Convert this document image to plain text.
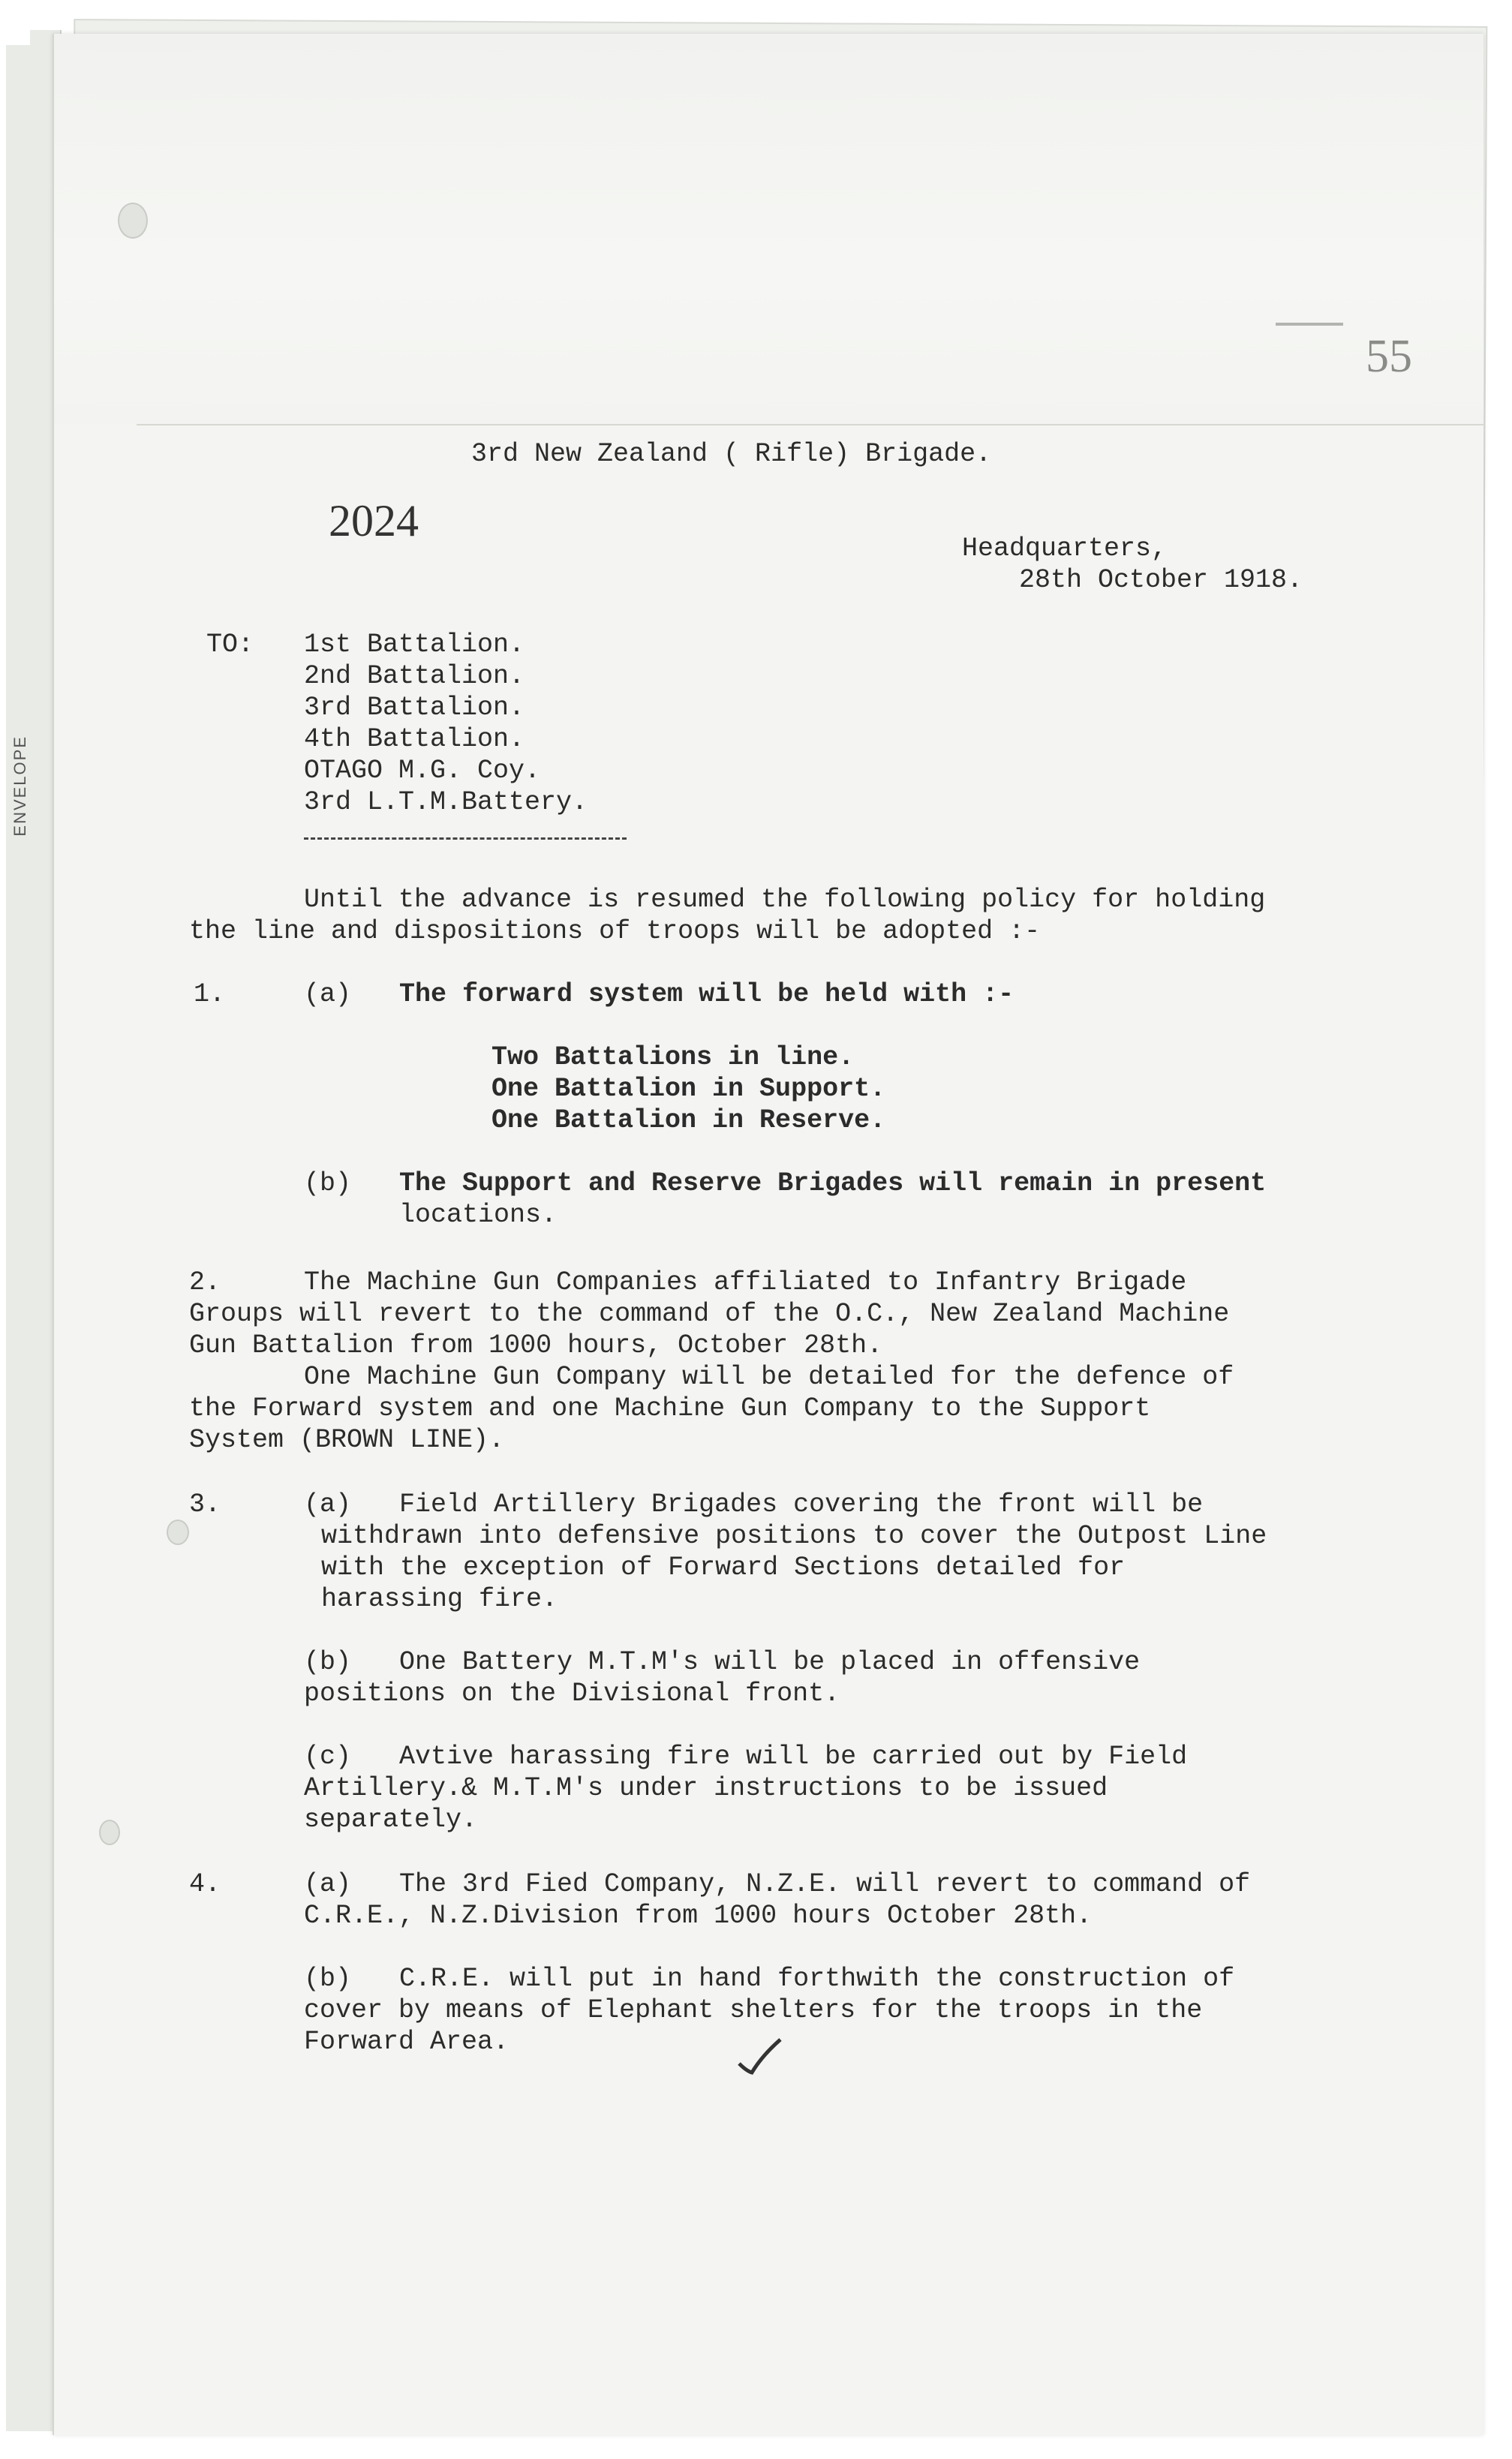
ENVELOPE
55
3rd New Zealand ( Rifle) Brigade.
2024
Headquarters,
28th October 1918.
TO: 1st Battalion.
2nd Battalion.
3rd Battalion.
4th Battalion.
OTAGO M.G. Coy.
3rd L.T.M.Battery.
Until the advance is resumed the following policy for holding
the line and dispositions of troops will be adopted :-
1.	(a) The forward system will be held with :-
Two Battalions in line.
One Battalion in Support.
One Battalion in Reserve.
(b) The Support and Reserve Brigades will remain in present
locations.
2.	The Machine Gun Companies affiliated to Infantry Brigade
Groups will revert to the command of the O.C., New Zealand Machine
Gun Battalion from 1000 hours, October 28th.
One Machine Gun Company will be detailed for the defence of
the Forward system and one Machine Gun Company to the Support
System (BROWN LINE).
3.	(a) Field Artillery Brigades covering the front will be
withdrawn into defensive positions to cover the Outpost Line
with the exception of Forward Sections detailed for
harassing fire.
(b) One Battery M.T.M's will be placed in offensive
positions on the Divisional front.
(c) Avtive harassing fire will be carried out by Field
Artillery.& M.T.M's under instructions to be issued
separately.
4.	(a) The 3rd Fied Company, N.Z.E. will revert to command of
C.R.E., N.Z.Division from 1000 hours October 28th.
(b) C.R.E. will put in hand forthwith the construction of
cover by means of Elephant shelters for the troops in the
Forward Area.
